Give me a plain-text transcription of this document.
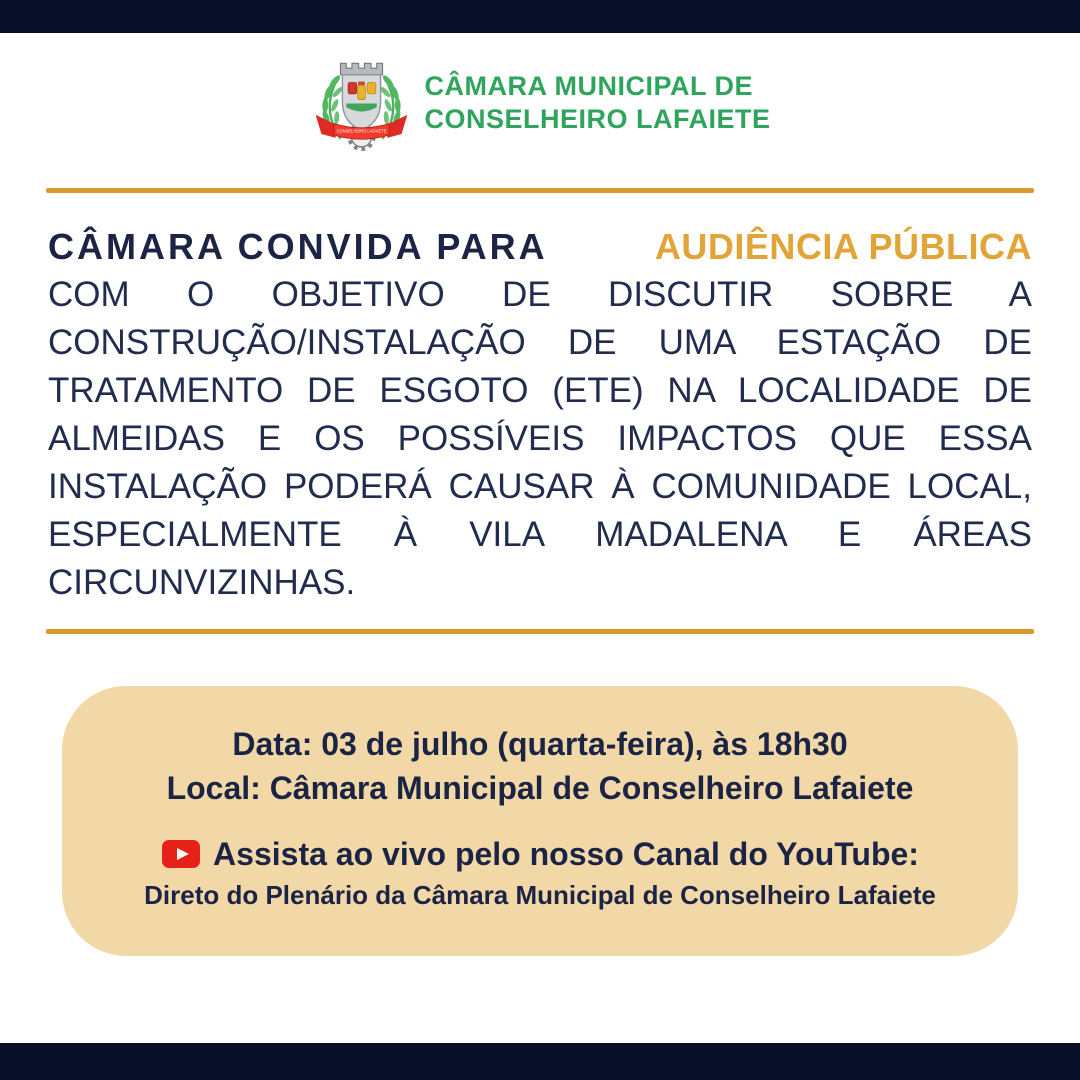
CONSELHEIRO LAFAIETE
CÂMARA MUNICIPAL DE
CONSELHEIRO LAFAIETE
CÂMARA CONVIDA PARA	AUDIÊNCIA PÚBLICA
COM O OBJETIVO DE DISCUTIR SOBRE A
CONSTRUÇÃO/INSTALAÇÃO DE UMA ESTAÇÃO DE
TRATAMENTO DE ESGOTO (ETE) NA LOCALIDADE DE
ALMEIDAS E OS POSSÍVEIS IMPACTOS QUE ESSA
INSTALAÇÃO PODERÁ CAUSAR À COMUNIDADE LOCAL,
ESPECIALMENTE À VILA MADALENA E ÁREAS
CIRCUNVIZINHAS.
Data: 03 de julho (quarta-feira), às 18h30
Local: Câmara Municipal de Conselheiro Lafaiete
Assista ao vivo pelo nosso Canal do YouTube:
Direto do Plenário da Câmara Municipal de Conselheiro Lafaiete
